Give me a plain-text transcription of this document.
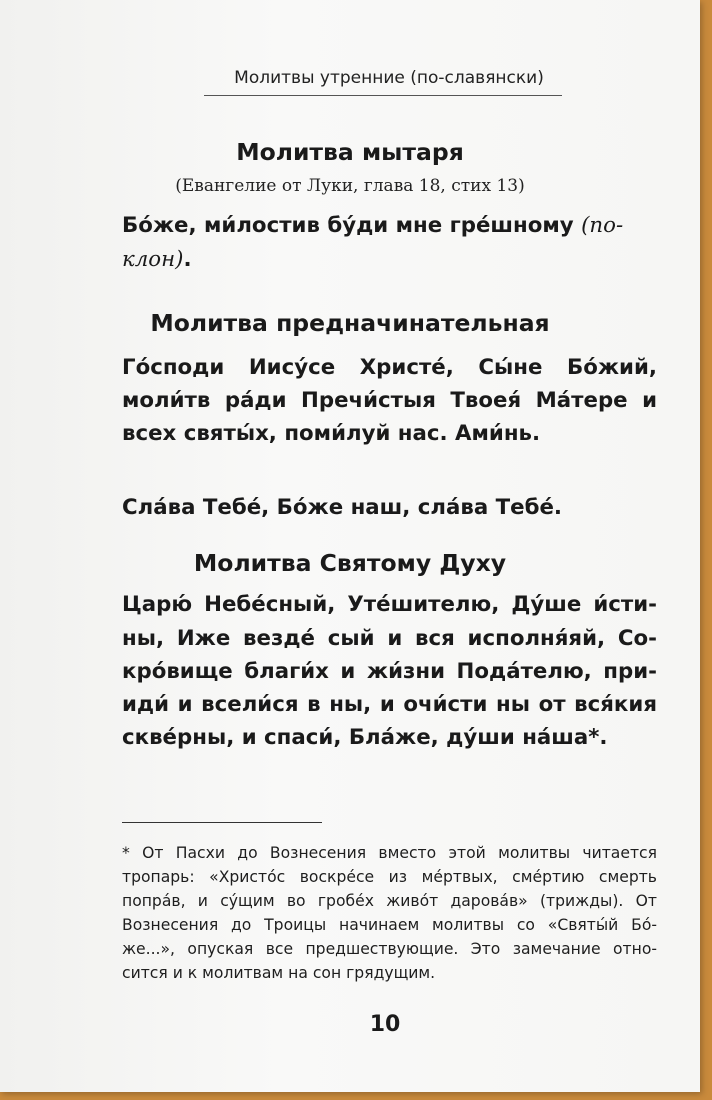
Молитвы утренние (по-славянски)
Молитва мытаря
(Евангелие от Луки, глава 18, стих 13)
Бо́же, ми́лостив бу́ди мне гре́шному (по-
клон).
Молитва предначинательная
Го́споди Иису́се Христе́, Сы́не Бо́жий,
моли́тв ра́ди Пречи́стыя Твоея́ Ма́тере и
всех святы́х, поми́луй нас. Ами́нь.
Сла́ва Тебе́, Бо́же наш, сла́ва Тебе́.
Молитва Святому Духу
Царю́ Небе́сный, Уте́шителю, Ду́ше и́сти-
ны, Иже везде́ сый и вся исполня́яй, Со-
кро́вище благи́х и жи́зни Пода́телю, при-
иди́ и всели́ся в ны, и очи́сти ны от вся́кия
скве́рны, и спаси́, Бла́же, ду́ши на́ша*.
* От Пасхи до Вознесения вместо этой молитвы читается
тропарь: «Христо́с воскре́се из ме́ртвых, сме́ртию смерть
попра́в, и су́щим во гробе́х живо́т дарова́в» (трижды). От
Вознесения до Троицы начинаем молитвы со «Святы́й Бо́-
же...», опуская все предшествующие. Это замечание отно-
сится и к молитвам на сон грядущим.
10
